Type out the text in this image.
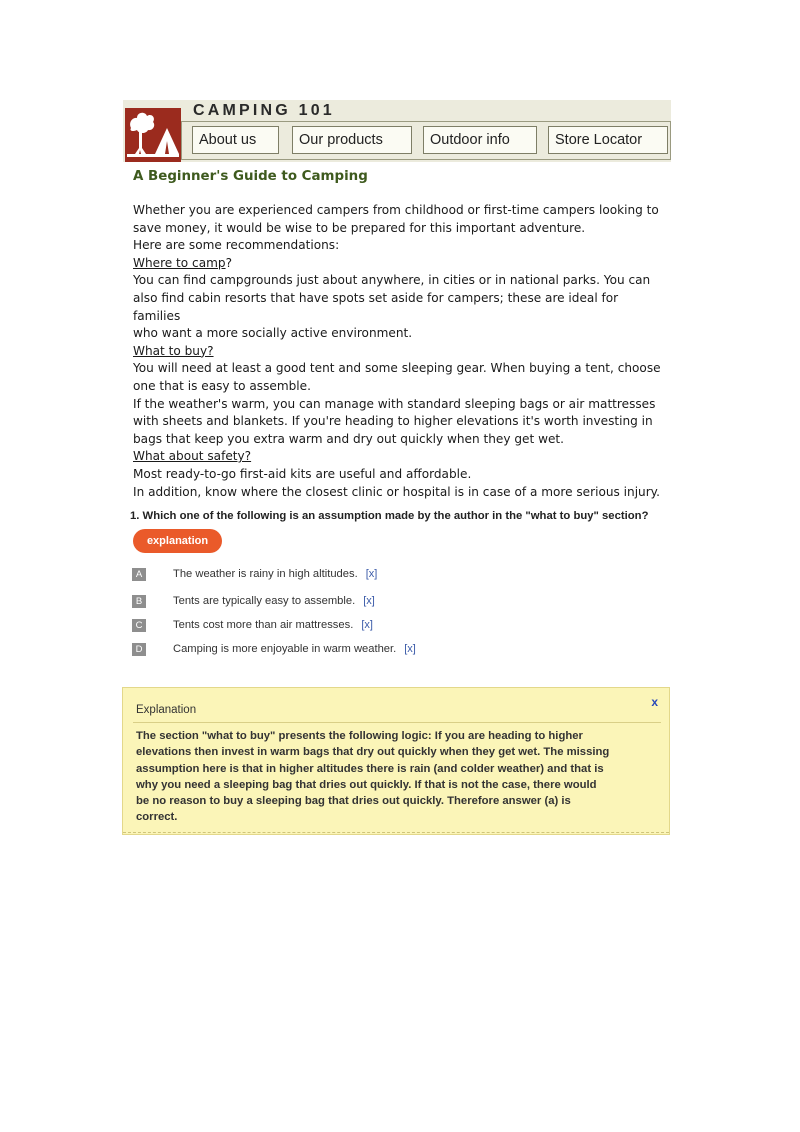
CAMPING 101
About us	Our products	Outdoor info	Store Locator
A Beginner's Guide to Camping

Whether you are experienced campers from childhood or first-time campers looking to

save money, it would be wise to be prepared for this important adventure.

Here are some recommendations:

Where to camp?

You can find campgrounds just about anywhere, in cities or in national parks. You can

also find cabin resorts that have spots set aside for campers; these are ideal for families

who want a more socially active environment.

What to buy?

You will need at least a good tent and some sleeping gear. When buying a tent, choose

one that is easy to assemble.

If the weather's warm, you can manage with standard sleeping bags or air mattresses

with sheets and blankets. If you're heading to higher elevations it's worth investing in

bags that keep you extra warm and dry out quickly when they get wet.

What about safety?

Most ready-to-go first-aid kits are useful and affordable.

In addition, know where the closest clinic or hospital is in case of a more serious injury.

1. Which one of the following is an assumption made by the author in the "what to buy" section?
explanation
A	The weather is rainy in high altitudes. [x]
B	Tents are typically easy to assemble. [x]
C	Tents cost more than air mattresses. [x]
D	Camping is more enjoyable in warm weather. [x]
Explanation
x
The section "what to buy" presents the following logic: If you are heading to higher
elevations then invest in warm bags that dry out quickly when they get wet. The missing
assumption here is that in higher altitudes there is rain (and colder weather) and that is
why you need a sleeping bag that dries out quickly. If that is not the case, there would
be no reason to buy a sleeping bag that dries out quickly. Therefore answer (a) is
correct.
